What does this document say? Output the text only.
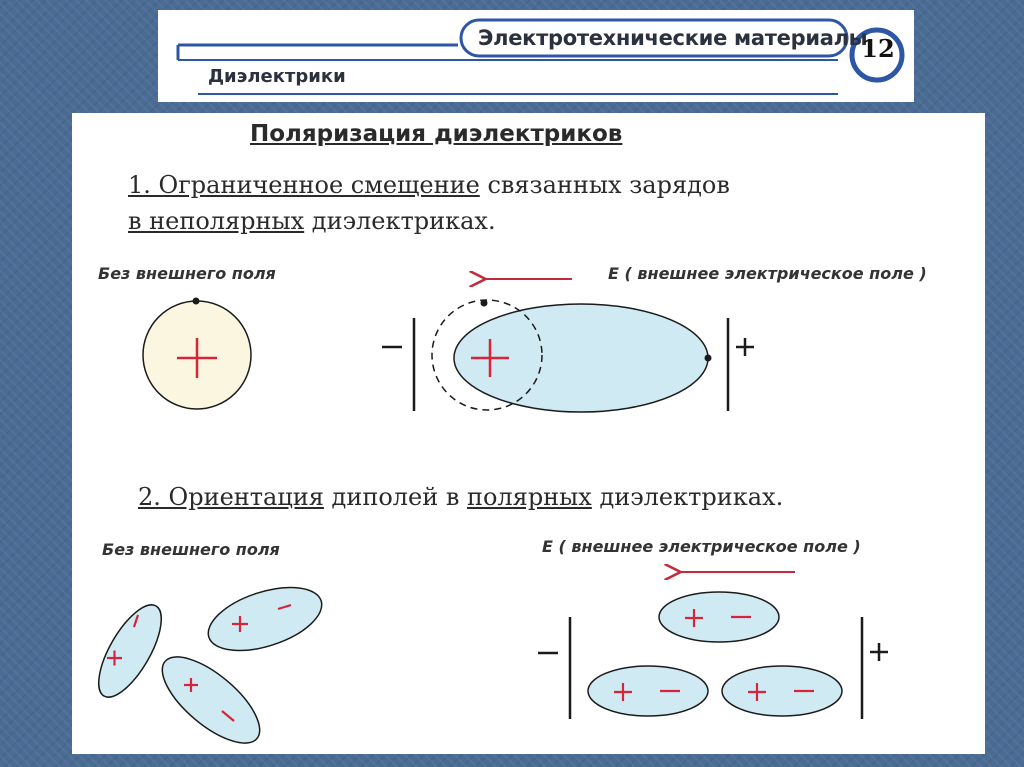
Электротехнические материалы
Диэлектрики
12
Поляризация диэлектриков
1. Ограниченное смещение связанных зарядов
в неполярных диэлектриках.
Без внешнего поля	E ( внешнее электрическое поле )
2. Ориентация диполей в полярных диэлектриках.
Без внешнего поля	E ( внешнее электрическое поле )
